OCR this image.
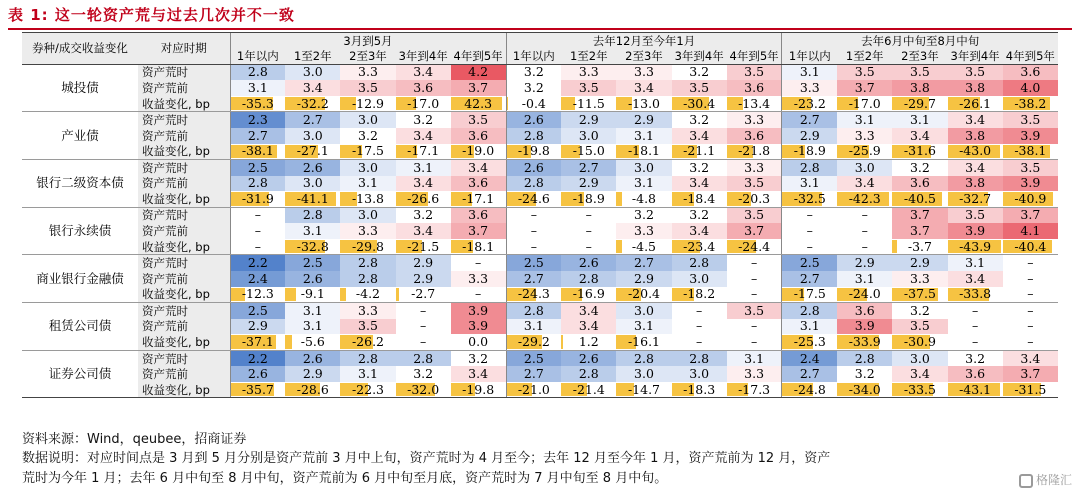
表 1: 这一轮资产荒与过去几次并不一致
券种/成交收益变化	对应时期	3月到5月					去年12月至今年1月					去年6月中旬至8月中旬				
		1年以内	1至2年	2至3年	3年到4年	4年到5年	1年以内	1至2年	2至3年	3年到4年	4年到5年	1年以内	1至2年	2至3年	3年到4年	4年到5年
城投债	资产荒时	2.8	3.0	3.3	3.4	4.2	3.2	3.3	3.3	3.2	3.5	3.1	3.5	3.5	3.5	3.6
	资产荒前	3.1	3.4	3.5	3.6	3.7	3.2	3.5	3.4	3.5	3.6	3.3	3.7	3.8	3.8	4.0
	收益变化, bp	-35.3	-32.2	-12.9	-17.0	42.3	-0.4	-11.5	-13.0	-30.4	-13.4	-23.2	-17.0	-29.7	-26.1	-38.2
产业债	资产荒时	2.3	2.7	3.0	3.2	3.5	2.6	2.9	2.9	3.2	3.3	2.7	3.1	3.1	3.4	3.5
	资产荒前	2.7	3.0	3.2	3.4	3.6	2.8	3.0	3.1	3.4	3.6	2.9	3.3	3.4	3.8	3.9
	收益变化, bp	-38.1	-27.1	-17.5	-17.1	-19.0	-19.8	-15.0	-18.1	-21.1	-21.8	-18.9	-25.9	-31.6	-43.0	-38.1
银行二级资本债	资产荒时	2.5	2.6	3.0	3.1	3.4	2.6	2.7	3.0	3.2	3.3	2.8	3.0	3.2	3.4	3.5
	资产荒前	2.8	3.0	3.1	3.4	3.6	2.8	2.9	3.1	3.4	3.5	3.1	3.4	3.6	3.8	3.9
	收益变化, bp	-31.9	-41.1	-13.8	-26.6	-17.1	-24.6	-18.9	-4.8	-18.4	-20.3	-32.5	-42.3	-40.5	-32.7	-40.9
银行永续债	资产荒时	–	2.8	3.0	3.2	3.6	–	–	3.2	3.2	3.5	–	–	3.7	3.5	3.7
	资产荒前	–	3.1	3.3	3.4	3.7	–	–	3.3	3.4	3.7	–	–	3.7	3.9	4.1
	收益变化, bp	–	-32.8	-29.8	-21.5	-18.1	–	–	-4.5	-23.4	-24.4	–	–	-3.7	-43.9	-40.4
商业银行金融债	资产荒时	2.2	2.5	2.8	2.9	–	2.5	2.6	2.7	2.8	–	2.5	2.9	2.9	3.1	–
	资产荒前	2.4	2.6	2.8	2.9	3.3	2.7	2.8	2.9	3.0	–	2.7	3.1	3.3	3.4	–
	收益变化, bp	-12.3	-9.1	-4.2	-2.7	–	-24.3	-16.9	-20.4	-18.2	–	-17.5	-24.0	-37.5	-33.8	–
租赁公司债	资产荒时	2.5	3.1	3.3	–	3.9	2.8	3.4	3.0	–	3.5	2.8	3.6	3.2	–	–
	资产荒前	2.9	3.1	3.5	–	3.9	3.1	3.4	3.1	–	–	3.1	3.9	3.5	–	–
	收益变化, bp	-37.1	-5.6	-26.2	–	0.0	-29.2	1.2	-16.1	–	–	-25.3	-33.9	-30.9	–	–
证券公司债	资产荒时	2.2	2.6	2.8	2.8	3.2	2.5	2.6	2.8	2.8	3.1	2.4	2.8	3.0	3.2	3.4
	资产荒前	2.6	2.9	3.1	3.2	3.4	2.7	2.8	3.0	3.0	3.3	2.7	3.2	3.4	3.6	3.7
	收益变化, bp	-35.7	-28.6	-22.3	-32.0	-19.8	-21.0	-21.4	-14.7	-18.3	-17.3	-24.8	-34.0	-33.5	-43.1	-31.5
资料来源：Wind，qeubee，招商证券
数据说明：对应时间点是 3 月到 5 月分别是资产荒前 3 月中上旬，资产荒时为 4 月至今；去年 12 月至今年 1 月，资产荒前为 12 月，资产
荒时为今年 1 月；去年 6 月中旬至 8 月中旬，资产荒前为 6 月中旬至月底，资产荒时为 7 月中旬至 8 月中旬。	格隆汇
